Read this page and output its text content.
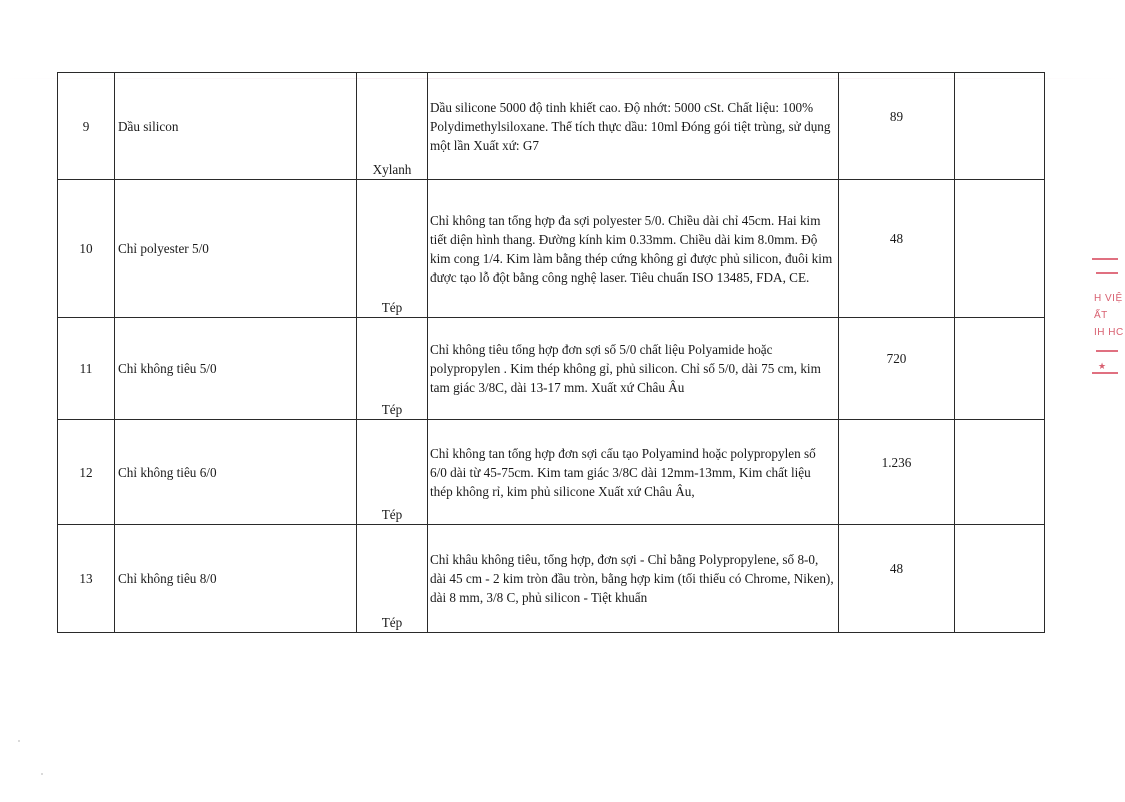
9	Dầu silicon	Xylanh	Dầu silicone 5000 độ tinh khiết cao. Độ nhớt: 5000 cSt. Chất liệu: 100% Polydimethylsiloxane. Thể tích thực dầu: 10ml Đóng gói tiệt trùng, sử dụng một lần Xuất xứ: G7	89		
10	Chỉ polyester 5/0	Tép	Chỉ không tan tổng hợp đa sợi polyester 5/0. Chiều dài chỉ 45cm. Hai kim tiết diện hình thang. Đường kính kim 0.33mm. Chiều dài kim 8.0mm. Độ kim cong 1/4. Kim làm bằng thép cứng không gỉ được phủ silicon, đuôi kim được tạo lỗ đột bằng công nghệ laser. Tiêu chuẩn ISO 13485, FDA, CE.	48		
11	Chỉ không tiêu 5/0	Tép	Chỉ không tiêu tổng hợp đơn sợi số 5/0 chất liệu Polyamide hoặc polypropylen . Kim thép không gỉ, phủ silicon. Chỉ số 5/0, dài 75 cm, kim tam giác 3/8C, dài 13-17 mm. Xuất xứ Châu Âu	720		
12	Chỉ không tiêu 6/0	Tép	Chỉ không tan tổng hợp đơn sợi cấu tạo Polyamind hoặc polypropylen số 6/0 dài từ 45-75cm. Kim tam giác 3/8C dài 12mm-13mm, Kim chất liệu thép không rỉ, kim phủ silicone Xuất xứ Châu Âu,	1.236		
13	Chỉ không tiêu 8/0	Tép	Chỉ khâu không tiêu, tổng hợp, đơn sợi - Chỉ bằng Polypropylene, số 8-0, dài 45 cm - 2 kim tròn đầu tròn, bằng hợp kim (tối thiểu có Chrome, Niken), dài 8 mm, 3/8 C, phủ silicon - Tiệt khuẩn	48		
H VIỆ
ẤT
IH HC
★
